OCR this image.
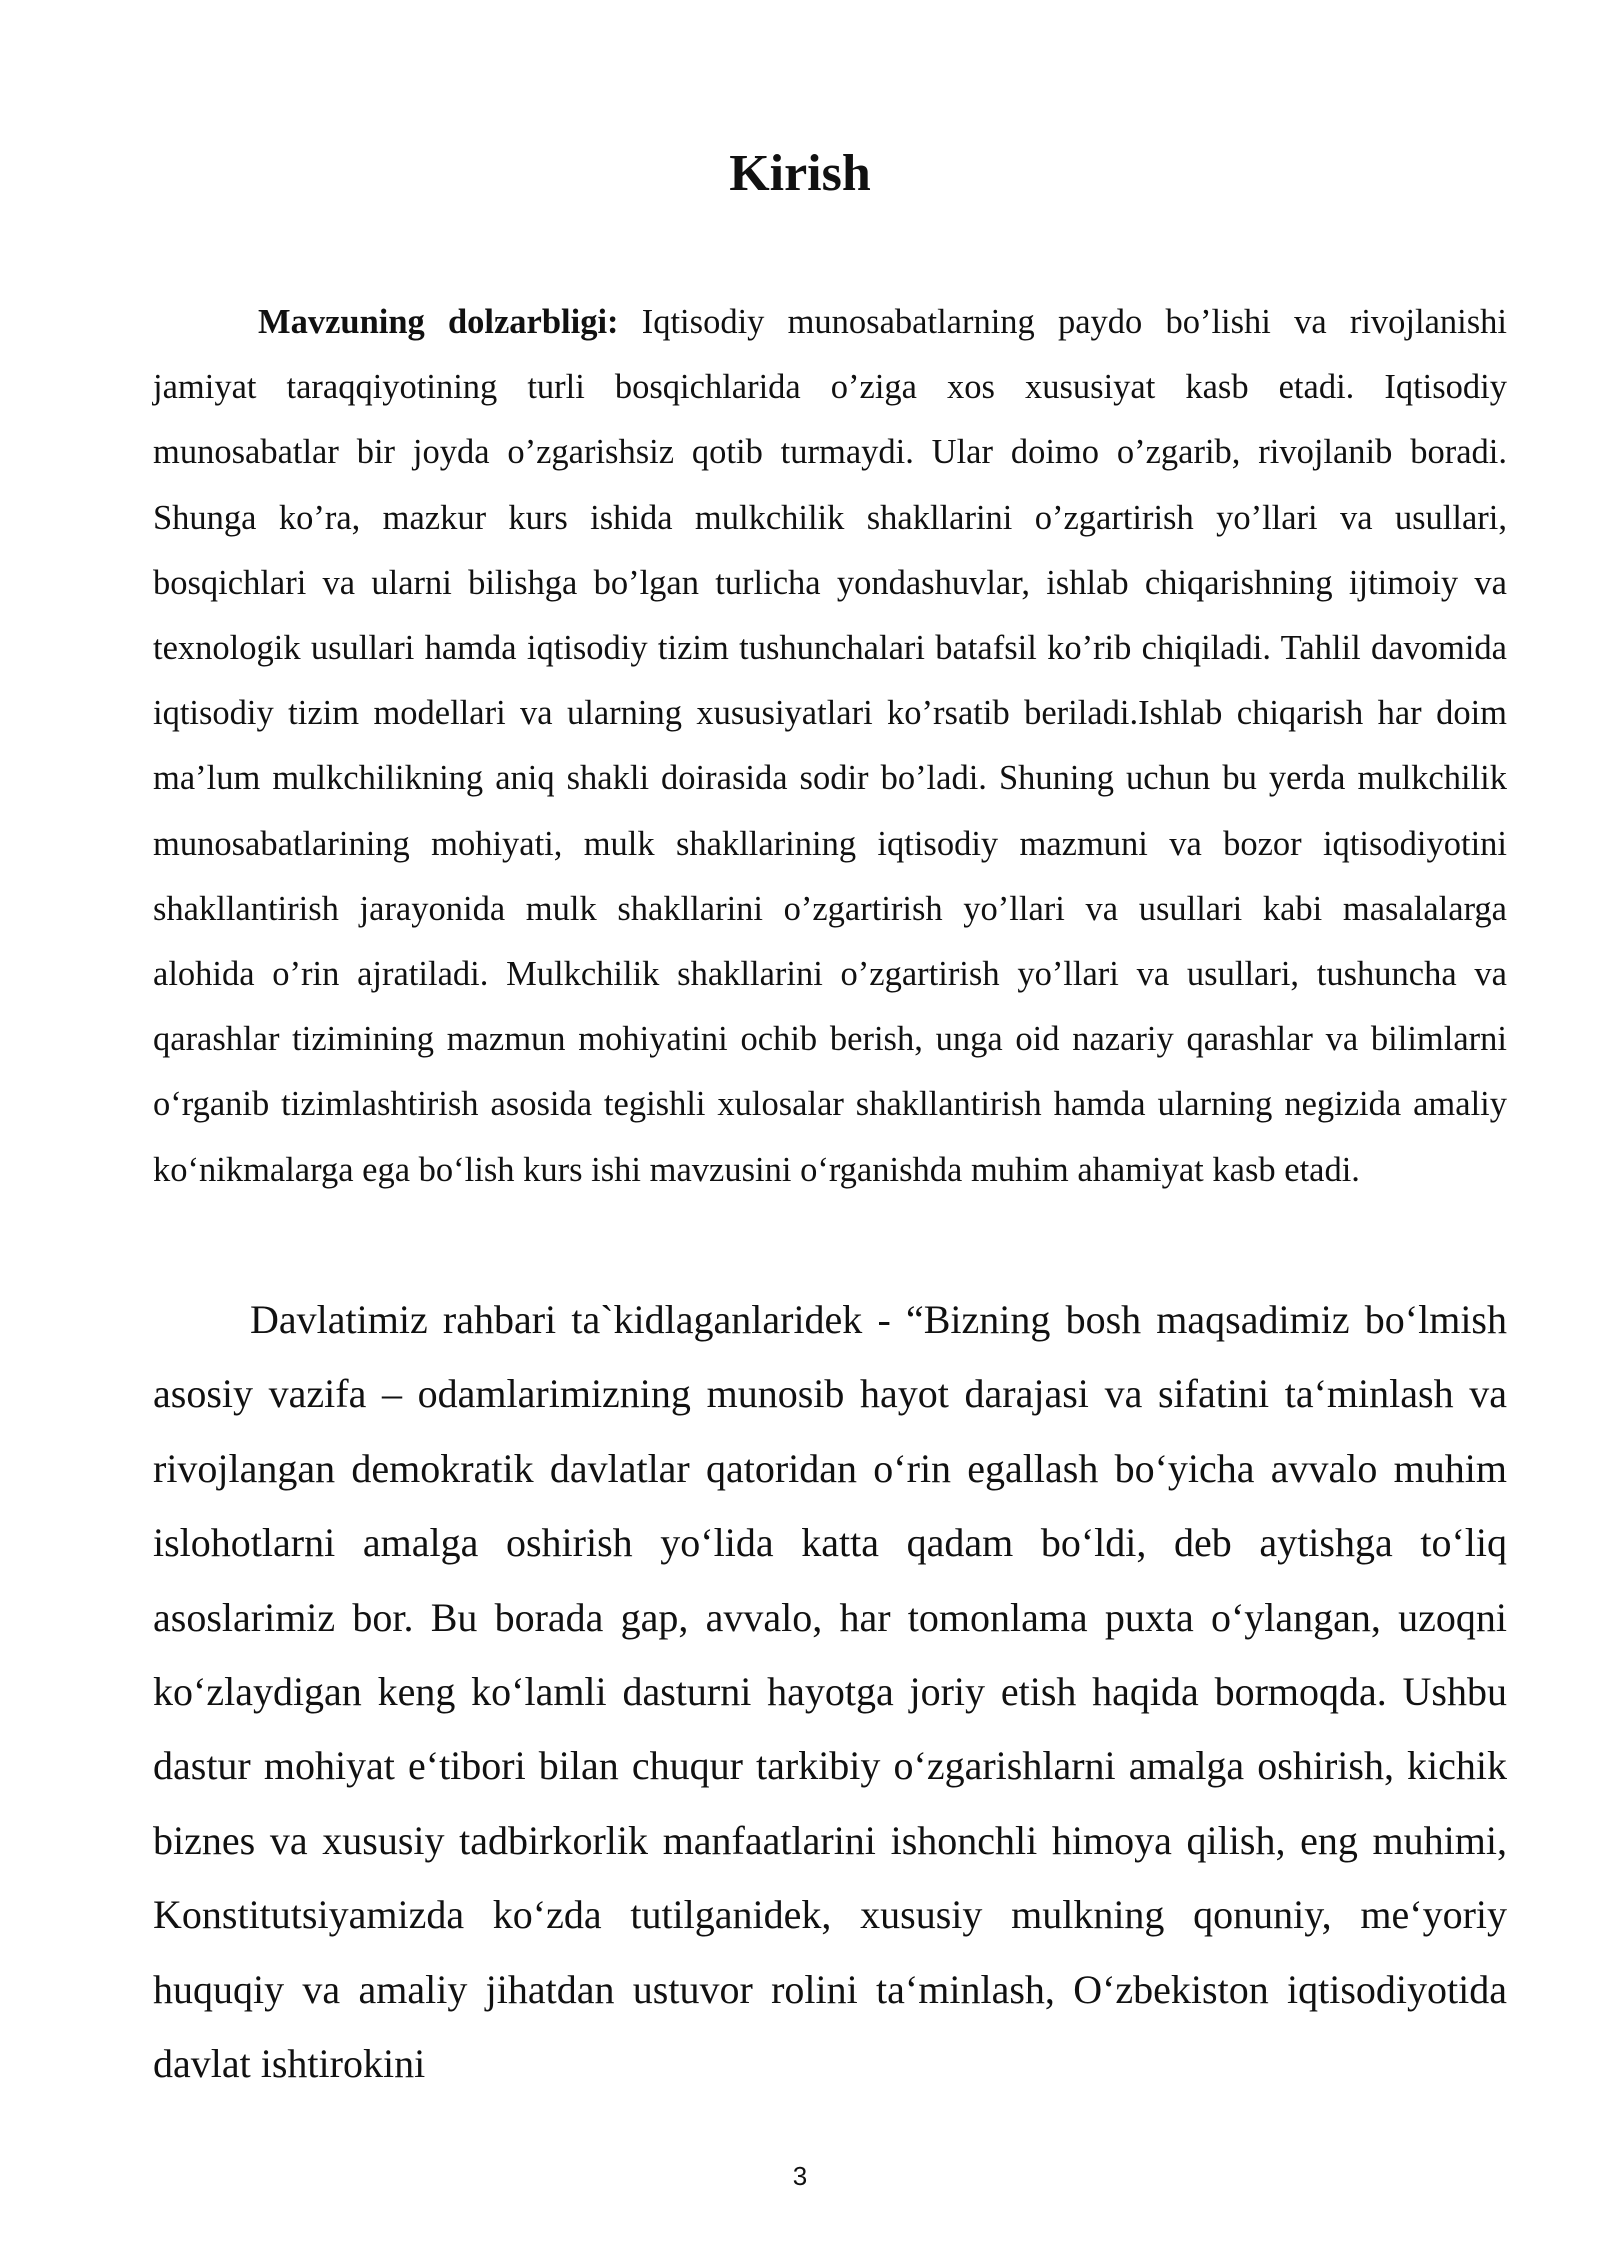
Kirish

Mavzuning dolzarbligi: Iqtisodiy munosabatlarning paydo bo’lishi va rivojlanishi jamiyat taraqqiyotining turli bosqichlarida o’ziga xos xususiyat kasb etadi. Iqtisodiy munosabatlar bir joyda o’zgarishsiz qotib turmaydi. Ular doimo o’zgarib, rivojlanib boradi. Shunga ko’ra, mazkur kurs ishida mulkchilik shakllarini o’zgartirish yo’llari va usullari, bosqichlari va ularni bilishga bo’lgan turlicha yondashuvlar, ishlab chiqarishning ijtimoiy va texnologik usullari hamda iqtisodiy tizim tushunchalari batafsil ko’rib chiqiladi. Tahlil davomida iqtisodiy tizim modellari va ularning xususiyatlari ko’rsatib beriladi.Ishlab chiqarish har doim ma’lum mulkchilikning aniq shakli doirasida sodir bo’ladi. Shuning uchun bu yerda mulkchilik munosabatlarining mohiyati, mulk shakllarining iqtisodiy mazmuni va bozor iqtisodiyotini shakllantirish jarayonida mulk shakllarini o’zgartirish yo’llari va usullari kabi masalalarga alohida o’rin ajratiladi. Mulkchilik shakllarini o’zgartirish yo’llari va usullari, tushuncha va qarashlar tizimining mazmun mohiyatini ochib berish, unga oid nazariy qarashlar va bilimlarni o‘rganib tizimlashtirish asosida tegishli xulosalar shakllantirish hamda ularning negizida amaliy ko‘nikmalarga ega bo‘lish kurs ishi mavzusini o‘rganishda muhim ahamiyat kasb etadi.

Davlatimiz rahbari ta`kidlaganlaridek - “Bizning bosh maqsadimiz bo‘lmish asosiy vazifa – odamlarimizning munosib hayot darajasi va sifatini ta‘minlash va rivojlangan demokratik davlatlar qatoridan o‘rin egallash bo‘yicha avvalo muhim islohotlarni amalga oshirish yo‘lida katta qadam bo‘ldi, deb aytishga to‘liq asoslarimiz bor. Bu borada gap, avvalo, har tomonlama puxta o‘ylangan, uzoqni ko‘zlaydigan keng ko‘lamli dasturni hayotga joriy etish haqida bormoqda. Ushbu dastur mohiyat e‘tibori bilan chuqur tarkibiy o‘zgarishlarni amalga oshirish, kichik biznes va xususiy tadbirkorlik manfaatlarini ishonchli himoya qilish, eng muhimi, Konstitutsiyamizda ko‘zda tutilganidek, xususiy mulkning qonuniy, me‘yoriy huquqiy va amaliy jihatdan ustuvor rolini ta‘minlash, O‘zbekiston iqtisodiyotida davlat ishtirokini

3
